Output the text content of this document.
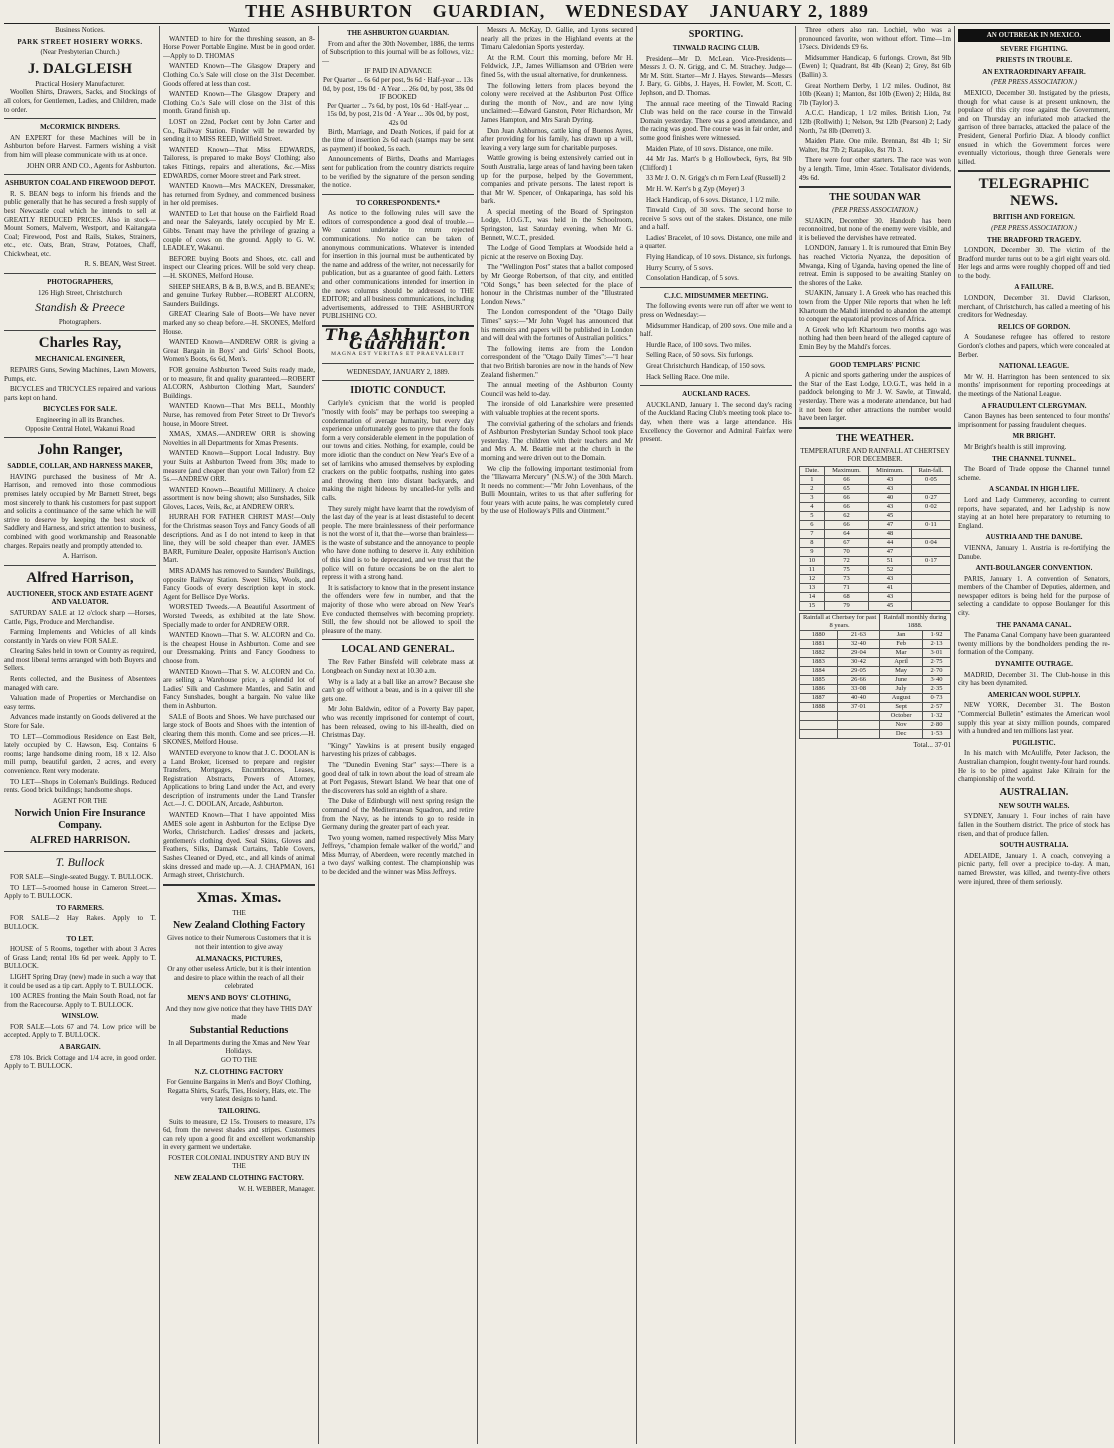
THE ASHBURTON GUARDIAN, WEDNESDAY JANUARY 2, 1889
Business Notices.
PARK STREET HOSIERY WORKS.
(Near Presbyterian Church.)
J. DALGLEISH
Practical Hosiery Manufacturer.

Woollen Shirts, Drawers, Sacks, and Stockings of all colors, for Gentlemen, Ladies, and Children, made to order.

McCORMICK BINDERS.

AN EXPERT for these Machines will be in Ashburton before Harvest. Farmers wishing a visit from him will please communicate with us at once.

JOHN ORR AND CO., Agents for Ashburton.
ASHBURTON COAL AND FIREWOOD DEPOT.

R. S. BEAN begs to inform his friends and the public generally that he has secured a fresh supply of best Newcastle coal which he intends to sell at GREATLY REDUCED PRICES. Also in stock—Mount Somers, Malvern, Westport, and Kaitangata Coal; Firewood, Post and Rails, Stakes, Strainers, etc., etc. Oats, Bran, Straw, Potatoes, Chaff, Chickwheat, etc.

R. S. BEAN, West Street.
PHOTOGRAPHERS,
126 High Street, Christchurch
Standish & Preece
Photographers.
Charles Ray,
MECHANICAL ENGINEER,

REPAIRS Guns, Sewing Machines, Lawn Mowers, Pumps, etc.

BICYCLES and TRICYCLES repaired and various parts kept on hand.

BICYCLES FOR SALE.
Engineering in all its Branches.
Opposite Central Hotel, Wakanui Road
John Ranger,
SADDLE, COLLAR, AND HARNESS MAKER,

HAVING purchased the business of Mr A. Harrison, and removed into those commodious premises lately occupied by Mr Barnett Street, begs most sincerely to thank his customers for past support and solicits a continuance of the same which he will strive to deserve by keeping the best stock of Saddlery and Harness, and strict attention to business, combined with good workmanship and Reasonable charges. Repairs neatly and promptly attended to.

A. Harrison.
Alfred Harrison,
AUCTIONEER, STOCK AND ESTATE AGENT AND VALUATOR.

SATURDAY SALE at 12 o'clock sharp —Horses, Cattle, Pigs, Produce and Merchandise.

Farming Implements and Vehicles of all kinds constantly in Yards on view FOR SALE.

Clearing Sales held in town or Country as required, and most liberal terms arranged with both Buyers and Sellers.

Rents collected, and the Business of Absentees managed with care.

Valuation made of Properties or Merchandise on easy terms.

Advances made instantly on Goods delivered at the Store for Sale.

TO LET—Commodious Residence on East Belt, lately occupied by C. Hawson, Esq. Contains 6 rooms; large handsome dining room, 18 x 12. Also mill pump, beautiful garden, 2 acres, and every convenience. Rent very moderate.

TO LET—Shops in Coleman's Buildings. Reduced rents. Good brick buildings; handsome shops.

AGENT FOR THE
Norwich Union Fire Insurance Company.
ALFRED HARRISON.
T. Bullock

FOR SALE—Single-seated Buggy. T. BULLOCK.

TO LET—5-roomed house in Cameron Street.—Apply to T. BULLOCK.

TO FARMERS.

FOR SALE—2 Hay Rakes. Apply to T. BULLOCK.

TO LET.

HOUSE of 5 Rooms, together with about 3 Acres of Grass Land; rental 10s 6d per week. Apply to T. BULLOCK.

LIGHT Spring Dray (new) made in such a way that it could be used as a tip cart. Apply to T. BULLOCK.

100 ACRES fronting the Main South Road, not far from the Racecourse. Apply to T. BULLOCK.

WINSLOW.

FOR SALE—Lots 67 and 74. Low price will be accepted. Apply to T. BULLOCK.

A BARGAIN.

£78 10s. Brick Cottage and 1/4 acre, in good order. Apply to T. BULLOCK.

Wanted

WANTED to hire for the threshing season, an 8-Horse Power Portable Engine. Must be in good order.—Apply to D. THOMAS

WANTED Known—The Glasgow Drapery and Clothing Co.'s Sale will close on the 31st December. Goods offered at less than cost.

WANTED Known—The Glasgow Drapery and Clothing Co.'s Sale will close on the 31st of this month. Grand finish up.

LOST on 22nd, Pocket cent by John Carter and Co., Railway Station. Finder will be rewarded by sending it to MISS REED, Wilfield Street.

WANTED Known—That Miss EDWARDS, Tailoress, is prepared to make Boys' Clothing; also takes Fittings, repairs and alterations, &c.—Miss EDWARDS, corner Moore street and Park street.

WANTED Known—Mrs MACKEN, Dressmaker, has returned from Sydney, and commenced business in her old premises.

WANTED to Let that house on the Fairfield Road and near the Saleyards, lately occupied by Mr E. Gibbs. Tenant may have the privilege of grazing a couple of cows on the ground. Apply to G. W. LEADLEY, Wakanui.

BEFORE buying Boots and Shoes, etc. call and inspect our Clearing prices. Will be sold very cheap.—H. SKONES, Melford House.

SHEEP SHEARS, B & B, B.W.S, and B. BEANE's; and genuine Turkey Rubber.—ROBERT ALCORN, Saunders Buildings.

GREAT Clearing Sale of Boots—We have never marked any so cheap before.—H. SKONES, Melford House.

WANTED Known—ANDREW ORR is giving a Great Bargain in Boys' and Girls' School Boots, Women's Boots, 6s 6d, Men's.

FOR genuine Ashburton Tweed Suits ready made, or to measure, fit and quality guaranteed.—ROBERT ALCORN, Ashburton Clothing Mart, Saunders' Buildings.

WANTED Known—That Mrs BELL, Monthly Nurse, has removed from Peter Street to Dr Trevor's house, in Moore Street.

XMAS, XMAS.—ANDREW ORR is showing Novelties in all Departments for Xmas Presents.

WANTED Known—Support Local Industry. Buy your Suits at Ashburton Tweed from 30s; made to measure (and cheaper than your own Tailor) from £2 5s.—ANDREW ORR.

WANTED Known—Beautiful Millinery. A choice assortment is now being shown; also Sunshades, Silk Gloves, Laces, Veils, &c, at ANDREW ORR's.

HURRAH FOR FATHER CHRIST MAS!—Only for the Christmas season Toys and Fancy Goods of all descriptions. And as I do not intend to keep in that line, they will be sold cheaper than ever. JAMES BARR, Furniture Dealer, opposite Harrison's Auction Mart.

MRS ADAMS has removed to Saunders' Buildings, opposite Railway Station. Sweet Silks, Wools, and Fancy Goods of every description kept in stock. Agent for Bellisce Dye Works.

WORSTED Tweeds.—A Beautiful Assortment of Worsted Tweeds, as exhibited at the late Show. Specially made to order for ANDREW ORR.

WANTED Known—That S. W. ALCORN and Co. is the cheapest House in Ashburton. Come and see our Dressmaking. Prints and Fancy Goodness to choose from.

WANTED Known—That S. W. ALCORN and Co. are selling a Warehouse price, a splendid lot of Ladies' Silk and Cashmere Mantles, and Satin and Fancy Sunshades, bought a bargain. No value like them in Ashburton.

SALE of Boots and Shoes. We have purchased our large stock of Boots and Shoes with the intention of clearing them this month. Come and see prices.—H. SKONES, Melford House.

WANTED everyone to know that J. C. DOOLAN is a Land Broker, licensed to prepare and register Transfers, Mortgages, Encumbrances, Leases, Registration Abstracts, Powers of Attorney, Applications to bring Land under the Act, and every description of instruments under the Land Transfer Act.—J. C. DOOLAN, Arcade, Ashburton.

WANTED Known—That I have appointed Miss AMES sole agent in Ashburton for the Eclipse Dye Works, Christchurch. Ladies' dresses and jackets, gentlemen's clothing dyed. Seal Skins, Gloves and Feathers, Silks, Damask Curtains, Table Covers, Sashes Cleaned or Dyed, etc., and all kinds of animal skins dressed and made up.—A. J. CHAPMAN, 161 Armagh street, Christchurch.

Xmas. Xmas.
THE
New Zealand Clothing Factory
Gives notice to their Numerous Customers that it is not their intention to give away
ALMANACKS, PICTURES,
Or any other useless Article, but it is their intention and desire to place within the reach of all their celebrated
MEN'S AND BOYS' CLOTHING,
And they now give notice that they have THIS DAY made
Substantial Reductions
In all Departments during the Xmas and New Year Holidays.
GO TO THE
N.Z. CLOTHING FACTORY
For Genuine Bargains in Men's and Boys' Clothing, Regatta Shirts, Scarfs, Ties, Hosiery, Hats, etc. The very latest designs to hand.
TAILORING.

Suits to measure, £2 15s. Trousers to measure, 17s 6d, from the newest shades and stripes. Customers can rely upon a good fit and excellent workmanship in every garment we undertake.

FOSTER COLONIAL INDUSTRY AND BUY IN THE
NEW ZEALAND CLOTHING FACTORY.
W. H. WEBBER, Manager.
THE ASHBURTON GUARDIAN.

From and after the 30th November, 1886, the terms of Subscription to this journal will be as follows, viz.:—

IF PAID IN ADVANCE
Per Quarter ... 6s 6d per post, 9s 6d · Half-year ... 13s 0d, by post, 19s 0d · A Year ... 26s 0d, by post, 38s 0d
IF BOOKED
Per Quarter ... 7s 6d, by post, 10s 6d · Half-year ... 15s 0d, by post, 21s 0d · A Year ... 30s 0d, by post, 42s 0d

Birth, Marriage, and Death Notices, if paid for at the time of insertion 2s 6d each (stamps may be sent as payment) if booked, 5s each.

Announcements of Births, Deaths and Marriages sent for publication from the country districts require to be verified by the signature of the person sending the notice.

TO CORRESPONDENTS.*

As notice to the following rules will save the editors of correspondence a good deal of trouble.—We cannot undertake to return rejected communications. No notice can be taken of anonymous communications. Whatever is intended for insertion in this journal must be authenticated by the name and address of the writer, not necessarily for publication, but as a guarantee of good faith. Letters and other communications intended for insertion in the news columns should be addressed to THE EDITOR; and all business communications, including advertisements, addressed to THE ASHBURTON PUBLISHING CO.

The Ashburton Guardian.
MAGNA EST VERITAS ET PRAEVALEBIT
WEDNESDAY, JANUARY 2, 1889.
IDIOTIC CONDUCT.

Carlyle's cynicism that the world is peopled "mostly with fools" may be perhaps too sweeping a condemnation of average humanity, but every day experience unfortunately goes to prove that the fools form a very considerable element in the population of our towns and cities. Nothing, for example, could be more idiotic than the conduct on New Year's Eve of a set of larrikins who amused themselves by exploding crackers on the public footpaths, rushing into gates and throwing them into distant backyards, and making the night hideous by uncalled-for yells and calls.

They surely might have learnt that the rowdyism of the last day of the year is at least distasteful to decent people. The mere brainlessness of their performance is not the worst of it, that the—worse than brainless—is the waste of substance and the annoyance to people who have done nothing to deserve it. Any exhibition of this kind is to be deprecated, and we trust that the police will on future occasions be on the alert to repress it with a strong hand.

It is satisfactory to know that in the present instance the offenders were few in number, and that the majority of those who were abroad on New Year's Eve conducted themselves with becoming propriety. Still, the few should not be allowed to spoil the pleasure of the many.

LOCAL AND GENERAL.

The Rev Father Binsfeld will celebrate mass at Longbeach on Sunday next at 10.30 a.m.

Why is a lady at a ball like an arrow? Because she can't go off without a beau, and is in a quiver till she gets one.

Mr John Baldwin, editor of a Poverty Bay paper, who was recently imprisoned for contempt of court, has been released, owing to his ill-health, died on Christmas Day.

"Kingy" Yawkins is at present busily engaged harvesting his prizes of cabbages.

The "Dunedin Evening Star" says:—There is a good deal of talk in town about the load of stream ale at Port Pegasus, Stewart Island. We hear that one of the discoverers has sold an eighth of a share.

The Duke of Edinburgh will next spring resign the command of the Mediterranean Squadron, and retire from the Navy, as he intends to go to reside in Germany during the greater part of each year.

Two young women, named respectively Miss Mary Jeffreys, "champion female walker of the world," and Miss Murray, of Aberdeen, were recently matched in a two days' walking contest. The championship was to be decided and the winner was Miss Jeffreys.

Messrs A. McKay, D. Gallie, and Lyons secured nearly all the prizes in the Highland events at the Timaru Caledonian Sports yesterday.

At the R.M. Court this morning, before Mr H. Feldwick, J.P., James Williamson and O'Brien were fined 5s, with the usual alternative, for drunkenness.

The following letters from places beyond the colony were received at the Ashburton Post Office during the month of Nov., and are now lying unclaimed:—Edward Ganston, Peter Richardson, Mr James Hampton, and Mrs Sarah Dyring.

Dun Juan Ashburnos, cattle king of Buenos Ayres, after providing for his family, has drawn up a will, leaving a very large sum for charitable purposes.

Wattle growing is being extensively carried out in South Australia, large areas of land having been taken up for the purpose, helped by the Government, companies and private persons. The latest report is that Mr W. Spencer, of Onkaparinga, has sold his bark.

A special meeting of the Board of Springston Lodge, I.O.G.T., was held in the Schoolroom, Springston, last Saturday evening, when Mr G. Bennett, W.C.T., presided.

The Lodge of Good Templars at Woodside held a picnic at the reserve on Boxing Day.

The "Wellington Post" states that a ballot composed by Mr George Robertson, of that city, and entitled "Old Songs," has been selected for the place of honour in the Christmas number of the "Illustrated London News."

The London correspondent of the "Otago Daily Times" says:—"Mr John Vogel has announced that his memoirs and papers will be published in London and will deal with the fortunes of Australian politics."

The following items are from the London correspondent of the "Otago Daily Times":—"I hear that two British baronies are now in the hands of New Zealand fishermen."

The annual meeting of the Ashburton County Council was held to-day.

The ironside of old Lanarkshire were presented with valuable trophies at the recent sports.

The convivial gathering of the scholars and friends of Ashburton Presbyterian Sunday School took place yesterday. The children with their teachers and Mr and Mrs A. M. Beattie met at the church in the morning and were driven out to the Domain.

We clip the following important testimonial from the "Illawarra Mercury" (N.S.W.) of the 30th March. It needs no comment:—"Mr John Lovenhaus, of the Bulli Mountain, writes to us that after suffering for four years with acute pains, he was completely cured by the use of Holloway's Pills and Ointment."

SPORTING.
TINWALD RACING CLUB.

President—Mr D. McLean. Vice-Presidents—Messrs J. O. N. Grigg, and C. M. Strachey. Judge—Mr M. Stitt. Starter—Mr J. Hayes. Stewards—Messrs J. Bary, G. Gibbs, J. Hayes, H. Fowler, M. Scott, C. Jephson, and D. Thomas.

The annual race meeting of the Tinwald Racing Club was held on the race course in the Tinwald Domain yesterday. There was a good attendance, and the racing was good. The course was in fair order, and some good finishes were witnessed.

Maiden Plate, of 10 sovs. Distance, one mile.

44 Mr Jas. Mart's b g Hollowbeck, 6yrs, 8st 9lb (Clifford) 1

33 Mr J. O. N. Grigg's ch m Fern Leaf (Russell) 2

Mr H. W. Kerr's b g Zyp (Meyer) 3

Hack Handicap, of 6 sovs. Distance, 1 1/2 mile.

Tinwald Cup, of 30 sovs. The second horse to receive 5 sovs out of the stakes. Distance, one mile and a half.

Ladies' Bracelet, of 10 sovs. Distance, one mile and a quarter.

Flying Handicap, of 10 sovs. Distance, six furlongs.

Hurry Scurry, of 5 sovs.

Consolation Handicap, of 5 sovs.

C.J.C. MIDSUMMER MEETING.

The following events were run off after we went to press on Wednesday:—

Midsummer Handicap, of 200 sovs. One mile and a half.

Hurdle Race, of 100 sovs. Two miles.

Selling Race, of 50 sovs. Six furlongs.

Great Christchurch Handicap, of 150 sovs.

Hack Selling Race. One mile.

AUCKLAND RACES.

AUCKLAND, January 1. The second day's racing of the Auckland Racing Club's meeting took place to-day, when there was a large attendance. His Excellency the Governor and Admiral Fairfax were present.

Three others also ran. Lochiel, who was a pronounced favorite, won without effort. Time—1m 17secs. Dividends £9 6s.

Midsummer Handicap, 6 furlongs. Crown, 8st 9lb (Ewen) 1; Quadrant, 8st 4lb (Kean) 2; Grey, 8st 6lb (Ballin) 3.

Great Northern Derby, 1 1/2 miles. Oudinot, 8st 10lb (Kean) 1; Manton, 8st 10lb (Ewen) 2; Hilda, 8st 7lb (Taylor) 3.

A.C.C. Handicap, 1 1/2 miles. British Lion, 7st 12lb (Rollwith) 1; Nelson, 9st 12lb (Pearson) 2; Lady North, 7st 8lb (Derrett) 3.

Maiden Plate. One mile. Brennan, 8st 4lb 1; Sir Walter, 8st 7lb 2; Ratapiko, 8st 7lb 3.

There were four other starters. The race was won by a length. Time, 1min 45sec. Totalisator dividends, 49s 6d.

THE SOUDAN WAR
(PER PRESS ASSOCIATION.)

SUAKIN, December 30. Handoub has been reconnoitred, but none of the enemy were visible, and it is believed the dervishes have retreated.

LONDON, January 1. It is rumoured that Emin Bey has reached Victoria Nyanza, the deposition of Mwanga, King of Uganda, having opened the line of retreat. Emin is supposed to be awaiting Stanley on the shores of the Lake.

SUAKIN, January 1. A Greek who has reached this town from the Upper Nile reports that when he left Khartoum the Mahdi intended to abandon the attempt to conquer the equatorial provinces of Africa.

A Greek who left Khartoum two months ago was nothing had then been heard of the alleged capture of Emin Bey by the Mahdi's forces.

GOOD TEMPLARS' PICNIC

A picnic and sports gathering under the auspices of the Star of the East Lodge, I.O.G.T., was held in a paddock belonging to Mr J. W. Sawle, at Tinwald, yesterday. There was a moderate attendance, but had it not been for other attractions the number would have been larger.

THE WEATHER.
TEMPERATURE AND RAINFALL AT CHERTSEY FOR DECEMBER.
Date.	Maximum.	Minimum.	Rain-fall.
1	66	43	0·05
2	65	43	
3	66	40	0·27
4	66	43	0·02
5	62	45	
6	66	47	0·11
7	64	48	
8	67	44	0·04
9	70	47	
10	72	51	0·17
11	75	52	
12	73	43	
13	71	41	
14	68	43	
15	79	45	
Rainfall at Chertsey for past 8 years.		Rainfall monthly during 1888.	
1880	21·63	Jan	1·92
1881	32·40	Feb	2·13
1882	29·04	Mar	3·01
1883	30·42	April	2·75
1884	29·05	May	2·70
1885	26·66	June	3·40
1886	33·08	July	2·35
1887	40·40	August	0·73
1888	37·01	Sept	2·57
		October	1·32
		Nov	2·80
		Dec	1·53
Total... 37·01
AN OUTBREAK IN MEXICO.
SEVERE FIGHTING.
PRIESTS IN TROUBLE.
AN EXTRAORDINARY AFFAIR.
(PER PRESS ASSOCIATION.)

MEXICO, December 30. Instigated by the priests, though for what cause is at present unknown, the populace of this city rose against the Government, and on Thursday an infuriated mob attacked the garrison of three barracks, attacked the palace of the President, General Porfirio Diaz. A bloody conflict ensued in which the Government forces were eventually victorious, though three Generals were killed.

TELEGRAPHIC NEWS.
BRITISH AND FOREIGN.
(PER PRESS ASSOCIATION.)
THE BRADFORD TRAGEDY.

LONDON, December 30. The victim of the Bradford murder turns out to be a girl eight years old. Her legs and arms were roughly chopped off and tied to the body.

A FAILURE.

LONDON, December 31. David Clarkson, merchant, of Christchurch, has called a meeting of his creditors for Wednesday.

RELICS OF GORDON.

A Soudanese refugee has offered to restore Gordon's clothes and papers, which were concealed at Berber.

NATIONAL LEAGUE.

Mr W. H. Harrington has been sentenced to six months' imprisonment for reporting proceedings at the meetings of the National League.

A FRAUDULENT CLERGYMAN.

Canon Baynes has been sentenced to four months' imprisonment for passing fraudulent cheques.

MR BRIGHT.

Mr Bright's health is still improving.

THE CHANNEL TUNNEL.

The Board of Trade oppose the Channel tunnel scheme.

A SCANDAL IN HIGH LIFE.

Lord and Lady Cummerey, according to current reports, have separated, and her Ladyship is now staying at an hotel here preparatory to returning to England.

AUSTRIA AND THE DANUBE.

VIENNA, January 1. Austria is re-fortifying the Danube.

ANTI-BOULANGER CONVENTION.

PARIS, January 1. A convention of Senators, members of the Chamber of Deputies, aldermen, and newspaper editors is being held for the purpose of selecting a candidate to oppose Boulanger for this city.

THE PANAMA CANAL.

The Panama Canal Company have been guaranteed twenty millions by the bondholders pending the re-formation of the Company.

DYNAMITE OUTRAGE.

MADRID, December 31. The Club-house in this city has been dynamited.

AMERICAN WOOL SUPPLY.

NEW YORK, December 31. The Boston "Commercial Bulletin" estimates the American wool supply this year at sixty million pounds, compared with a hundred and ten millions last year.

PUGILISTIC.

In his match with McAuliffe, Peter Jackson, the Australian champion, fought twenty-four hard rounds. He is to be pitted against Jake Kilrain for the championship of the world.

AUSTRALIAN.
NEW SOUTH WALES.

SYDNEY, January 1. Four inches of rain have fallen in the Southern district. The price of stock has risen, and that of produce fallen.

SOUTH AUSTRALIA.

ADELAIDE, January 1. A coach, conveying a picnic party, fell over a precipice to-day. A man, named Brewster, was killed, and twenty-five others were injured, three of them seriously.
